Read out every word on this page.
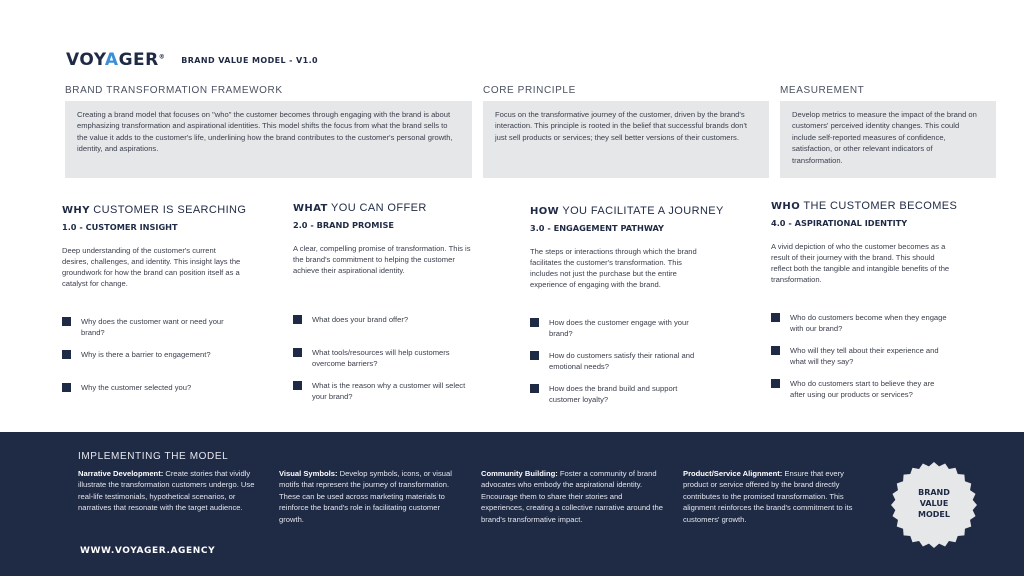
VOYAGER® BRAND VALUE MODEL - V1.0
BRAND TRANSFORMATION FRAMEWORK

Creating a brand model that focuses on "who" the customer becomes through engaging with the brand is about emphasizing transformation and aspirational identities. This model shifts the focus from what the brand sells to the value it adds to the customer's life, underlining how the brand contributes to the customer's personal growth, identity, and aspirations.

CORE PRINCIPLE

Focus on the transformative journey of the customer, driven by the brand's interaction. This principle is rooted in the belief that successful brands don't just sell products or services; they sell better versions of their customers.

MEASUREMENT

Develop metrics to measure the impact of the brand on customers' perceived identity changes. This could include self-reported measures of confidence, satisfaction, or other relevant indicators of transformation.

WHY CUSTOMER IS SEARCHING
1.0 - CUSTOMER INSIGHT
Deep understanding of the customer's current desires, challenges, and identity. This insight lays the groundwork for how the brand can position itself as a catalyst for change.
Why does the customer want or need your brand?
Why is there a barrier to engagement?
Why the customer selected you?
WHAT YOU CAN OFFER
2.0 - BRAND PROMISE
A clear, compelling promise of transformation. This is the brand's commitment to helping the customer achieve their aspirational identity.
What does your brand offer?
What tools/resources will help customers overcome barriers?
What is the reason why a customer will select your brand?
HOW YOU FACILITATE A JOURNEY
3.0 - ENGAGEMENT PATHWAY
The steps or interactions through which the brand facilitates the customer's transformation. This includes not just the purchase but the entire experience of engaging with the brand.
How does the customer engage with your brand?
How do customers satisfy their rational and emotional needs?
How does the brand build and support customer loyalty?
WHO THE CUSTOMER BECOMES
4.0 - ASPIRATIONAL IDENTITY
A vivid depiction of who the customer becomes as a result of their journey with the brand. This should reflect both the tangible and intangible benefits of the transformation.
Who do customers become when they engage with our brand?
Who will they tell about their experience and what will they say?
Who do customers start to believe they are after using our products or services?
IMPLEMENTING THE MODEL
Narrative Development: Create stories that vividly illustrate the transformation customers undergo. Use real-life testimonials, hypothetical scenarios, or narratives that resonate with the target audience.
Visual Symbols: Develop symbols, icons, or visual motifs that represent the journey of transformation. These can be used across marketing materials to reinforce the brand's role in facilitating customer growth.
Community Building: Foster a community of brand advocates who embody the aspirational identity. Encourage them to share their stories and experiences, creating a collective narrative around the brand's transformative impact.
Product/Service Alignment: Ensure that every product or service offered by the brand directly contributes to the promised transformation. This alignment reinforces the brand's commitment to its customers' growth.
WWW.VOYAGER.AGENCY
BRAND
VALUE
MODEL
